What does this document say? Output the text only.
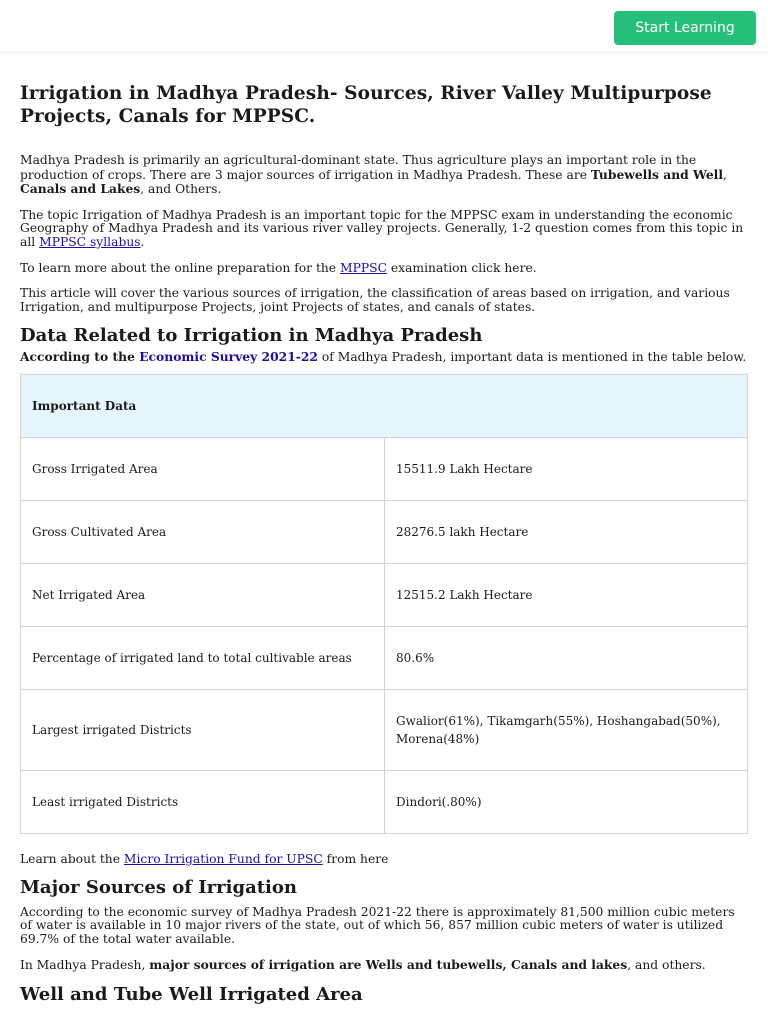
Start Learning
Irrigation in Madhya Pradesh- Sources, River Valley Multipurpose Projects, Canals for MPPSC.

Madhya Pradesh is primarily an agricultural-dominant state. Thus agriculture plays an important role in the production of crops. There are 3 major sources of irrigation in Madhya Pradesh. These are Tubewells and Well, Canals and Lakes, and Others.

The topic Irrigation of Madhya Pradesh is an important topic for the MPPSC exam in understanding the economic Geography of Madhya Pradesh and its various river valley projects. Generally, 1-2 question comes from this topic in all MPPSC syllabus.

To learn more about the online preparation for the MPPSC examination click here.

This article will cover the various sources of irrigation, the classification of areas based on irrigation, and various Irrigation, and multipurpose Projects, joint Projects of states, and canals of states.

Data Related to Irrigation in Madhya Pradesh

According to the Economic Survey 2021-22 of Madhya Pradesh, important data is mentioned in the table below.

Important Data	
Gross Irrigated Area	15511.9 Lakh Hectare
Gross Cultivated Area	28276.5 lakh Hectare
Net Irrigated Area	12515.2 Lakh Hectare
Percentage of irrigated land to total cultivable areas	80.6%
Largest irrigated Districts	Gwalior(61%), Tikamgarh(55%), Hoshangabad(50%), Morena(48%)
Least irrigated Districts	Dindori(.80%)

Learn about the Micro Irrigation Fund for UPSC from here

Major Sources of Irrigation

According to the economic survey of Madhya Pradesh 2021-22 there is approximately 81,500 million cubic meters of water is available in 10 major rivers of the state, out of which 56, 857 million cubic meters of water is utilized 69.7% of the total water available.

In Madhya Pradesh, major sources of irrigation are Wells and tubewells, Canals and lakes, and others.

Well and Tube Well Irrigated Area
